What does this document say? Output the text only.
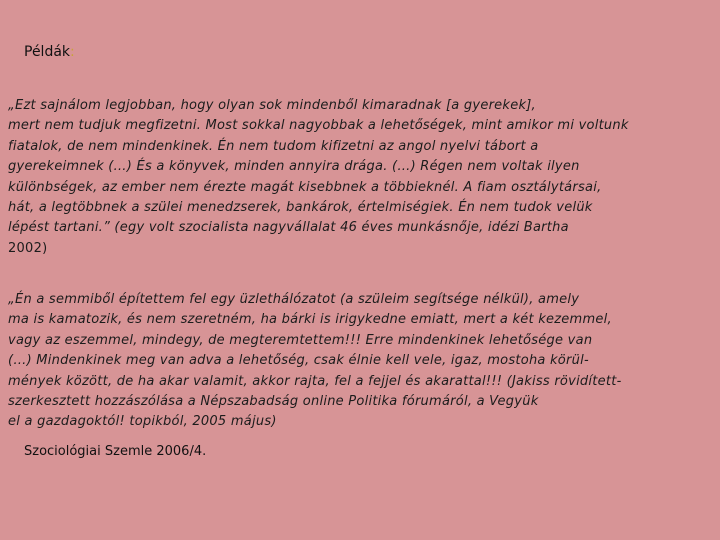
Példák:
„Ezt sajnálom legjobban, hogy olyan sok mindenből kimaradnak [a gyerekek],
mert nem tudjuk megfizetni. Most sokkal nagyobbak a lehetőségek, mint amikor mi voltunk
fiatalok, de nem mindenkinek. Én nem tudom kifizetni az angol nyelvi tábort a
gyerekeimnek (…) És a könyvek, minden annyira drága. (…) Régen nem voltak ilyen
különbségek, az ember nem érezte magát kisebbnek a többieknél. A fiam osztálytársai,
hát, a legtöbbnek a szülei menedzserek, bankárok, értelmiségiek. Én nem tudok velük
lépést tartani.” (egy volt szocialista nagyvállalat 46 éves munkásnője, idézi Bartha
2002)
„Én a semmiből építettem fel egy üzlethálózatot (a szüleim segítsége nélkül), amely
ma is kamatozik, és nem szeretném, ha bárki is irigykedne emiatt, mert a két kezemmel,
vagy az eszemmel, mindegy, de megteremtettem!!! Erre mindenkinek lehetősége van
(…) Mindenkinek meg van adva a lehetőség, csak élnie kell vele, igaz, mostoha körül-
mények között, de ha akar valamit, akkor rajta, fel a fejjel és akarattal!!! (Jakiss rövidített-
szerkesztett hozzászólása a Népszabadság online Politika fórumáról, a Vegyük
el a gazdagoktól! topikból, 2005 május)
Szociológiai Szemle 2006/4.
